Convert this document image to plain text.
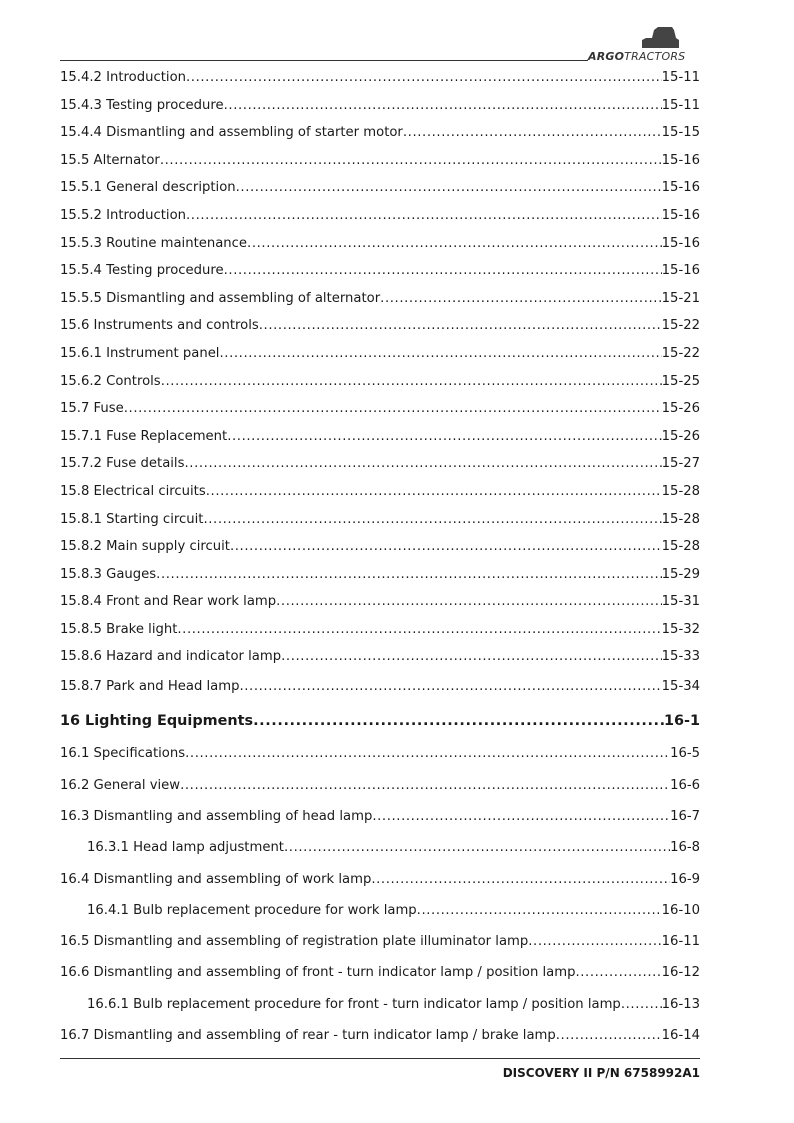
ARGOTRACTORS
15.4.2 Introduction .....	15-11
15.4.3 Testing procedure .....	15-11
15.4.4 Dismantling and assembling of starter motor .....	15-15
15.5 Alternator .....	15-16
15.5.1 General description .....	15-16
15.5.2 Introduction .....	15-16
15.5.3 Routine maintenance .....	15-16
15.5.4 Testing procedure .....	15-16
15.5.5 Dismantling and assembling of alternator .....	15-21
15.6 Instruments and controls .....	15-22
15.6.1 Instrument panel .....	15-22
15.6.2 Controls .....	15-25
15.7 Fuse .....	15-26
15.7.1 Fuse Replacement .....	15-26
15.7.2 Fuse details .....	15-27
15.8 Electrical circuits .....	15-28
15.8.1 Starting circuit .....	15-28
15.8.2 Main supply circuit .....	15-28
15.8.3 Gauges .....	15-29
15.8.4 Front and Rear work lamp .....	15-31
15.8.5 Brake light .....	15-32
15.8.6 Hazard and indicator lamp .....	15-33
15.8.7 Park and Head lamp .....	15-34
16 Lighting Equipments .....	16-1
16.1 Specifications .....	16-5
16.2 General view .....	16-6
16.3 Dismantling and assembling of head lamp .....	16-7
16.3.1 Head lamp adjustment .....	16-8
16.4 Dismantling and assembling of work lamp .....	16-9
16.4.1 Bulb replacement procedure for work lamp .....	16-10
16.5 Dismantling and assembling of registration plate illuminator lamp .....	16-11
16.6 Dismantling and assembling of front - turn indicator lamp / position lamp .....	16-12
16.6.1 Bulb replacement procedure for front - turn indicator lamp / position lamp .....	16-13
16.7 Dismantling and assembling of rear - turn indicator lamp / brake lamp .....	16-14
DISCOVERY II P/N 6758992A1
